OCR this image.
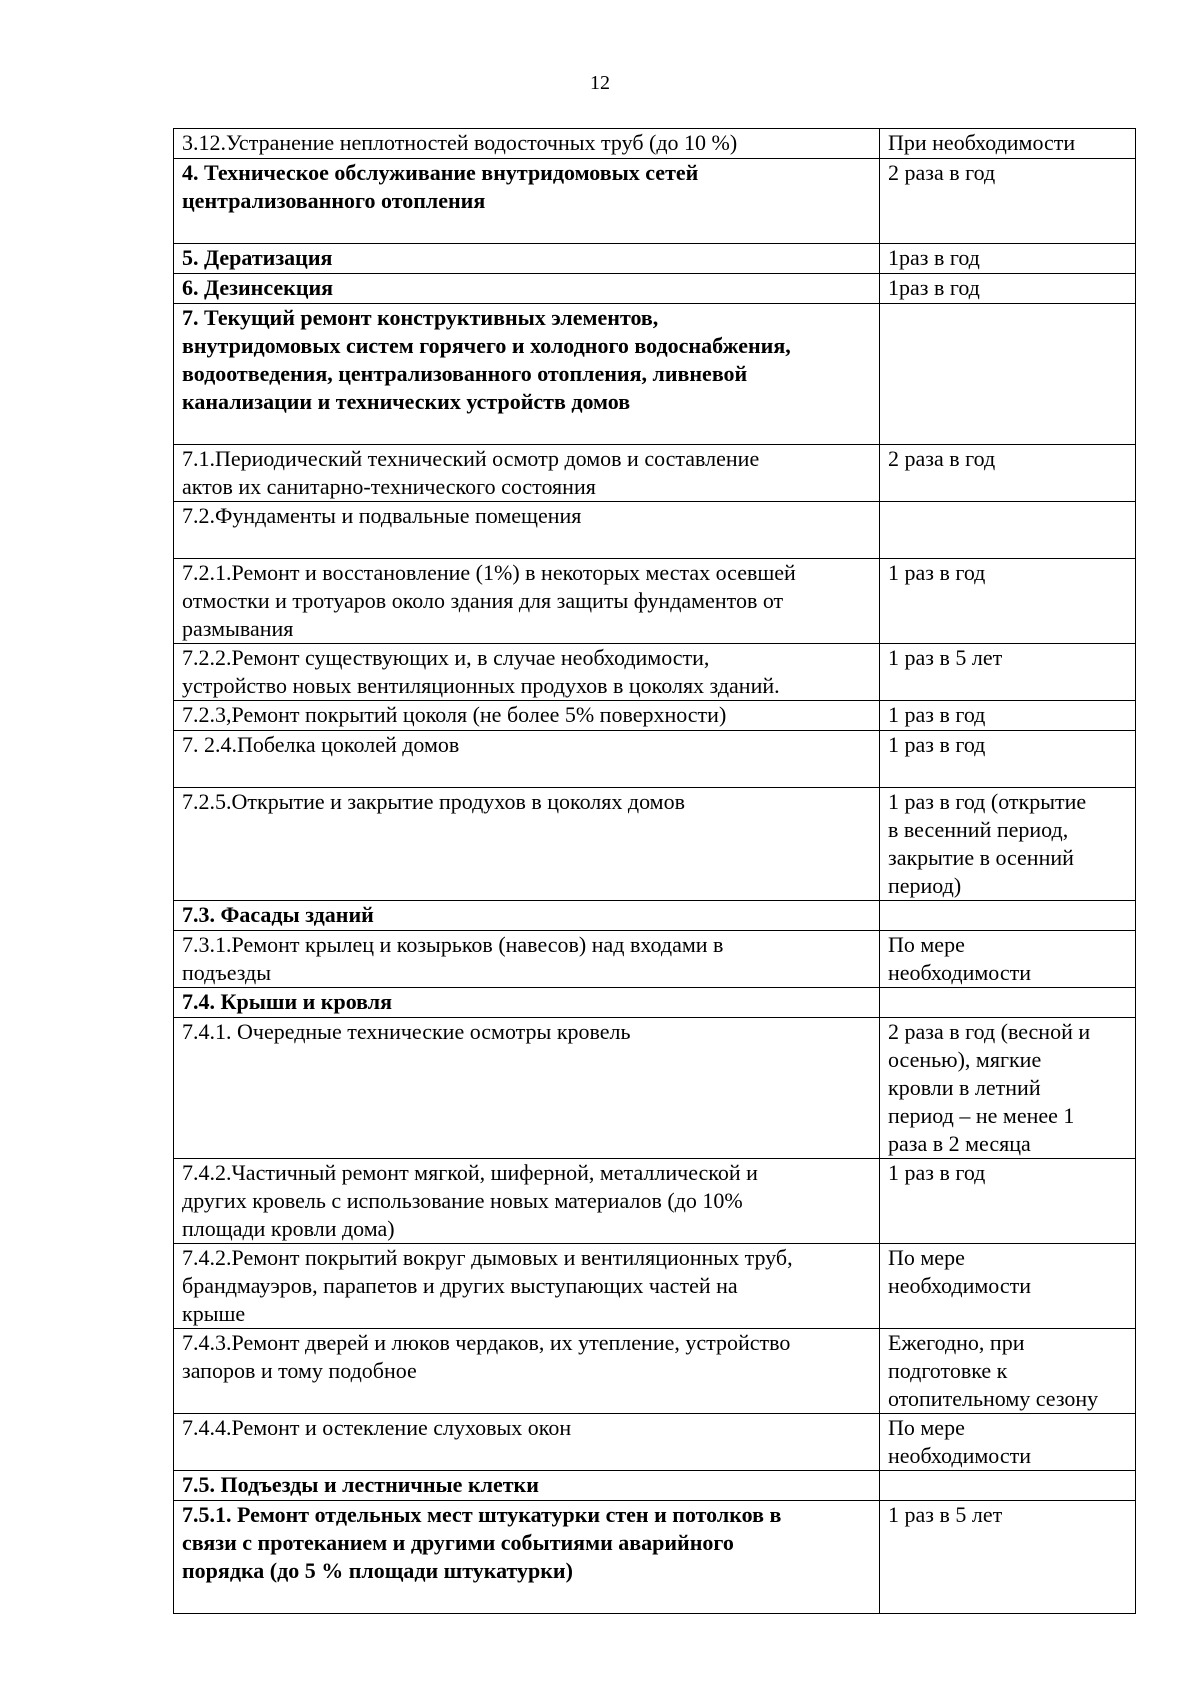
12
3.12.Устранение неплотностей водосточных труб (до 10 %)	При необходимости
4. Техническое обслуживание внутридомовых сетей
централизованного отопления	2 раза в год
5. Дератизация	1раз в год
6. Дезинсекция	1раз в год
7. Текущий ремонт конструктивных элементов,
внутридомовых систем горячего и холодного водоснабжения,
водоотведения, централизованного отопления, ливневой
канализации и технических устройств домов	
7.1.Периодический технический осмотр домов и составление
актов их санитарно-технического состояния	2 раза в год
7.2.Фундаменты и подвальные помещения	
7.2.1.Ремонт и восстановление (1%) в некоторых местах осевшей
отмостки и тротуаров около здания для защиты фундаментов от
размывания	1 раз в год
7.2.2.Ремонт существующих и, в случае необходимости,
устройство новых вентиляционных продухов в цоколях зданий.	1 раз в 5 лет
7.2.3,Ремонт покрытий цоколя (не более 5% поверхности)	1 раз в год
7. 2.4.Побелка цоколей домов	1 раз в год
7.2.5.Открытие и закрытие продухов в цоколях домов	1 раз в год (открытие
в весенний период,
закрытие в осенний
период)
7.3. Фасады зданий	
7.3.1.Ремонт крылец и козырьков (навесов) над входами в
подъезды	По мере
необходимости
7.4. Крыши и кровля	
7.4.1. Очередные технические осмотры кровель	2 раза в год (весной и
осенью), мягкие
кровли в летний
период – не менее 1
раза в 2 месяца
7.4.2.Частичный ремонт мягкой, шиферной, металлической и
других кровель с использование новых материалов (до 10%
площади кровли дома)	1 раз в год
7.4.2.Ремонт покрытий вокруг дымовых и вентиляционных труб,
брандмауэров, парапетов и других выступающих частей на
крыше	По мере
необходимости
7.4.3.Ремонт дверей и люков чердаков, их утепление, устройство
запоров и тому подобное	Ежегодно, при
подготовке к
отопительному сезону
7.4.4.Ремонт и остекление слуховых окон	По мере
необходимости
7.5. Подъезды и лестничные клетки	
7.5.1. Ремонт отдельных мест штукатурки стен и потолков в
связи с протеканием и другими событиями аварийного
порядка (до 5 % площади штукатурки)	1 раз в 5 лет
